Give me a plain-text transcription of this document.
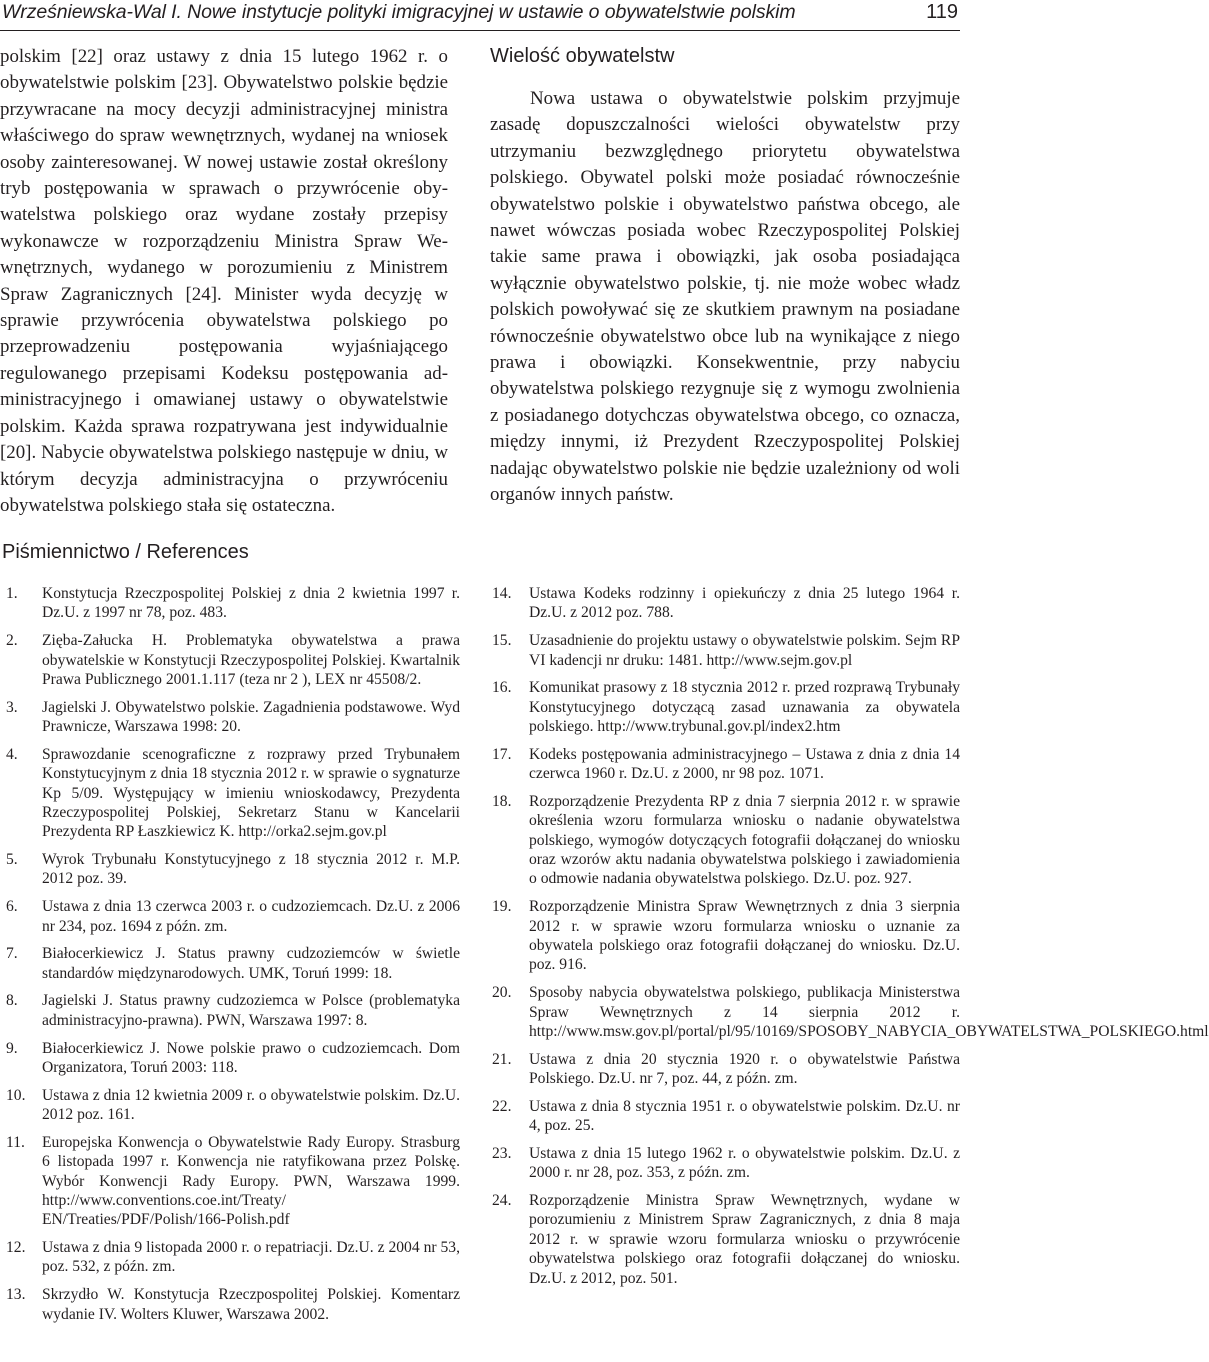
Wrześniewska-Wal I. Nowe instytucje polityki imigracyjnej w ustawie o obywatelstwie polskim	119

polskim [22] oraz ustawy z dnia 15 lutego 1962 r. o obywatelstwie polskim [23]. Obywatelstwo polskie będzie przywracane na mocy decyzji administracyjnej ministra właściwego do spraw wewnętrznych, wydanej na wniosek osoby zainteresowanej. W nowej ustawie został określony tryb postępowania w sprawach o przywrócenie obywatelstwa polskiego oraz wydane zostały przepisy wykonawcze w rozporządzeniu Ministra Spraw Wewnętrznych, wydanego w porozumieniu z Ministrem Spraw Zagranicznych [24]. Minister wyda decyzję w sprawie przywrócenia obywatelstwa polskiego po przeprowadzeniu postępowania wyjaśniającego regulowanego przepisami Kodeksu postępowania administracyjnego i omawianej ustawy o obywatelstwie polskim. Każda sprawa rozpatrywana jest indywidualnie [20]. Nabycie obywatelstwa polskiego następuje w dniu, w którym decyzja administracyjna o przywróceniu obywatelstwa polskiego stała się ostateczna.

Wielość obywatelstw

Nowa ustawa o obywatelstwie polskim przyjmuje zasadę dopuszczalności wielości obywatelstw przy utrzymaniu bezwzględnego priorytetu obywatelstwa polskiego. Obywatel polski może posiadać równocześnie obywatelstwo polskie i obywatelstwo państwa obcego, ale nawet wówczas posiada wobec Rzeczypospolitej Polskiej takie same prawa i obowiązki, jak osoba posiadająca wyłącznie obywatelstwo polskie, tj. nie może wobec władz polskich powoływać się ze skutkiem prawnym na posiadane równocześnie obywatelstwo obce lub na wynikające z niego prawa i obowiązki. Konsekwentnie, przy nabyciu obywatelstwa polskiego rezygnuje się z wymogu zwolnienia z posiadanego dotychczas obywatelstwa obcego, co oznacza, między innymi, iż Prezydent Rzeczypospolitej Polskiej nadając obywatelstwo polskie nie będzie uzależniony od woli organów innych państw.

Piśmiennictwo / References
1. Konstytucja Rzeczpospolitej Polskiej z dnia 2 kwietnia 1997 r. Dz.U. z 1997 nr 78, poz. 483.
2. Zięba-Załucka H. Problematyka obywatelstwa a prawa obywatelskie w Konstytucji Rzeczypospolitej Polskiej. Kwartalnik Prawa Publicznego 2001.1.117 (teza nr 2 ), LEX nr 45508/2.
3. Jagielski J. Obywatelstwo polskie. Zagadnienia podstawowe. Wyd Prawnicze, Warszawa 1998: 20.
4. Sprawozdanie scenograficzne z rozprawy przed Trybunałem Konstytucyjnym z dnia 18 stycznia 2012 r. w sprawie o sygnaturze Kp 5/09. Występujący w imieniu wnioskodawcy, Prezydenta Rzeczypospolitej Polskiej, Sekretarz Stanu w Kancelarii Prezydenta RP Łaszkiewicz K. http://orka2.sejm.gov.pl
5. Wyrok Trybunału Konstytucyjnego z 18 stycznia 2012 r. M.P. 2012 poz. 39.
6. Ustawa z dnia 13 czerwca 2003 r. o cudzoziemcach. Dz.U. z 2006 nr 234, poz. 1694 z późn. zm.
7. Białocerkiewicz J. Status prawny cudzoziemców w świetle standardów międzynarodowych. UMK, Toruń 1999: 18.
8. Jagielski J. Status prawny cudzoziemca w Polsce (problematyka administracyjno-prawna). PWN, Warszawa 1997: 8.
9. Białocerkiewicz J. Nowe polskie prawo o cudzoziemcach. Dom Organizatora, Toruń 2003: 118.
10. Ustawa z dnia 12 kwietnia 2009 r. o obywatelstwie polskim. Dz.U. 2012 poz. 161.
11. Europejska Konwencja o Obywatelstwie Rady Europy. Strasburg 6 listopada 1997 r. Konwencja nie ratyfikowana przez Polskę. Wybór Konwencji Rady Europy. PWN, Warszawa 1999. http://www.conventions.coe.int/Treaty/ EN/Treaties/PDF/Polish/166-Polish.pdf
12. Ustawa z dnia 9 listopada 2000 r. o repatriacji. Dz.U. z 2004 nr 53, poz. 532, z późn. zm.
13. Skrzydło W. Konstytucja Rzeczpospolitej Polskiej. Komentarz wydanie IV. Wolters Kluwer, Warszawa 2002.
14. Ustawa Kodeks rodzinny i opiekuńczy z dnia 25 lutego 1964 r. Dz.U. z 2012 poz. 788.
15. Uzasadnienie do projektu ustawy o obywatelstwie polskim. Sejm RP VI kadencji nr druku: 1481. http://www.sejm.gov.pl
16. Komunikat prasowy z 18 stycznia 2012 r. przed rozprawą Trybunały Konstytucyjnego dotyczącą zasad uznawania za obywatela polskiego. http://www.trybunal.gov.pl/index2.htm
17. Kodeks postępowania administracyjnego – Ustawa z dnia z dnia 14 czerwca 1960 r. Dz.U. z 2000, nr 98 poz. 1071.
18. Rozporządzenie Prezydenta RP z dnia 7 sierpnia 2012 r. w sprawie określenia wzoru formularza wniosku o nadanie obywatelstwa polskiego, wymogów dotyczących fotografii dołączanej do wniosku oraz wzorów aktu nadania obywatelstwa polskiego i zawiadomienia o odmowie nadania obywatelstwa polskiego. Dz.U. poz. 927.
19. Rozporządzenie Ministra Spraw Wewnętrznych z dnia 3 sierpnia 2012 r. w sprawie wzoru formularza wniosku o uznanie za obywatela polskiego oraz fotografii dołączanej do wniosku. Dz.U. poz. 916.
20. Sposoby nabycia obywatelstwa polskiego, publikacja Ministerstwa Spraw Wewnętrznych z 14 sierpnia 2012 r. http://www.msw.gov.pl/portal/pl/95/10169/SPOSOBY_NABYCIA_OBYWATELSTWA_POLSKIEGO.html
21. Ustawa z dnia 20 stycznia 1920 r. o obywatelstwie Państwa Polskiego. Dz.U. nr 7, poz. 44, z późn. zm.
22. Ustawa z dnia 8 stycznia 1951 r. o obywatelstwie polskim. Dz.U. nr 4, poz. 25.
23. Ustawa z dnia 15 lutego 1962 r. o obywatelstwie polskim. Dz.U. z 2000 r. nr 28, poz. 353, z późn. zm.
24. Rozporządzenie Ministra Spraw Wewnętrznych, wydane w porozumieniu z Ministrem Spraw Zagranicznych, z dnia 8 maja 2012 r. w sprawie wzoru formularza wniosku o przywrócenie obywatelstwa polskiego oraz fotografii dołączanej do wniosku. Dz.U. z 2012, poz. 501.
